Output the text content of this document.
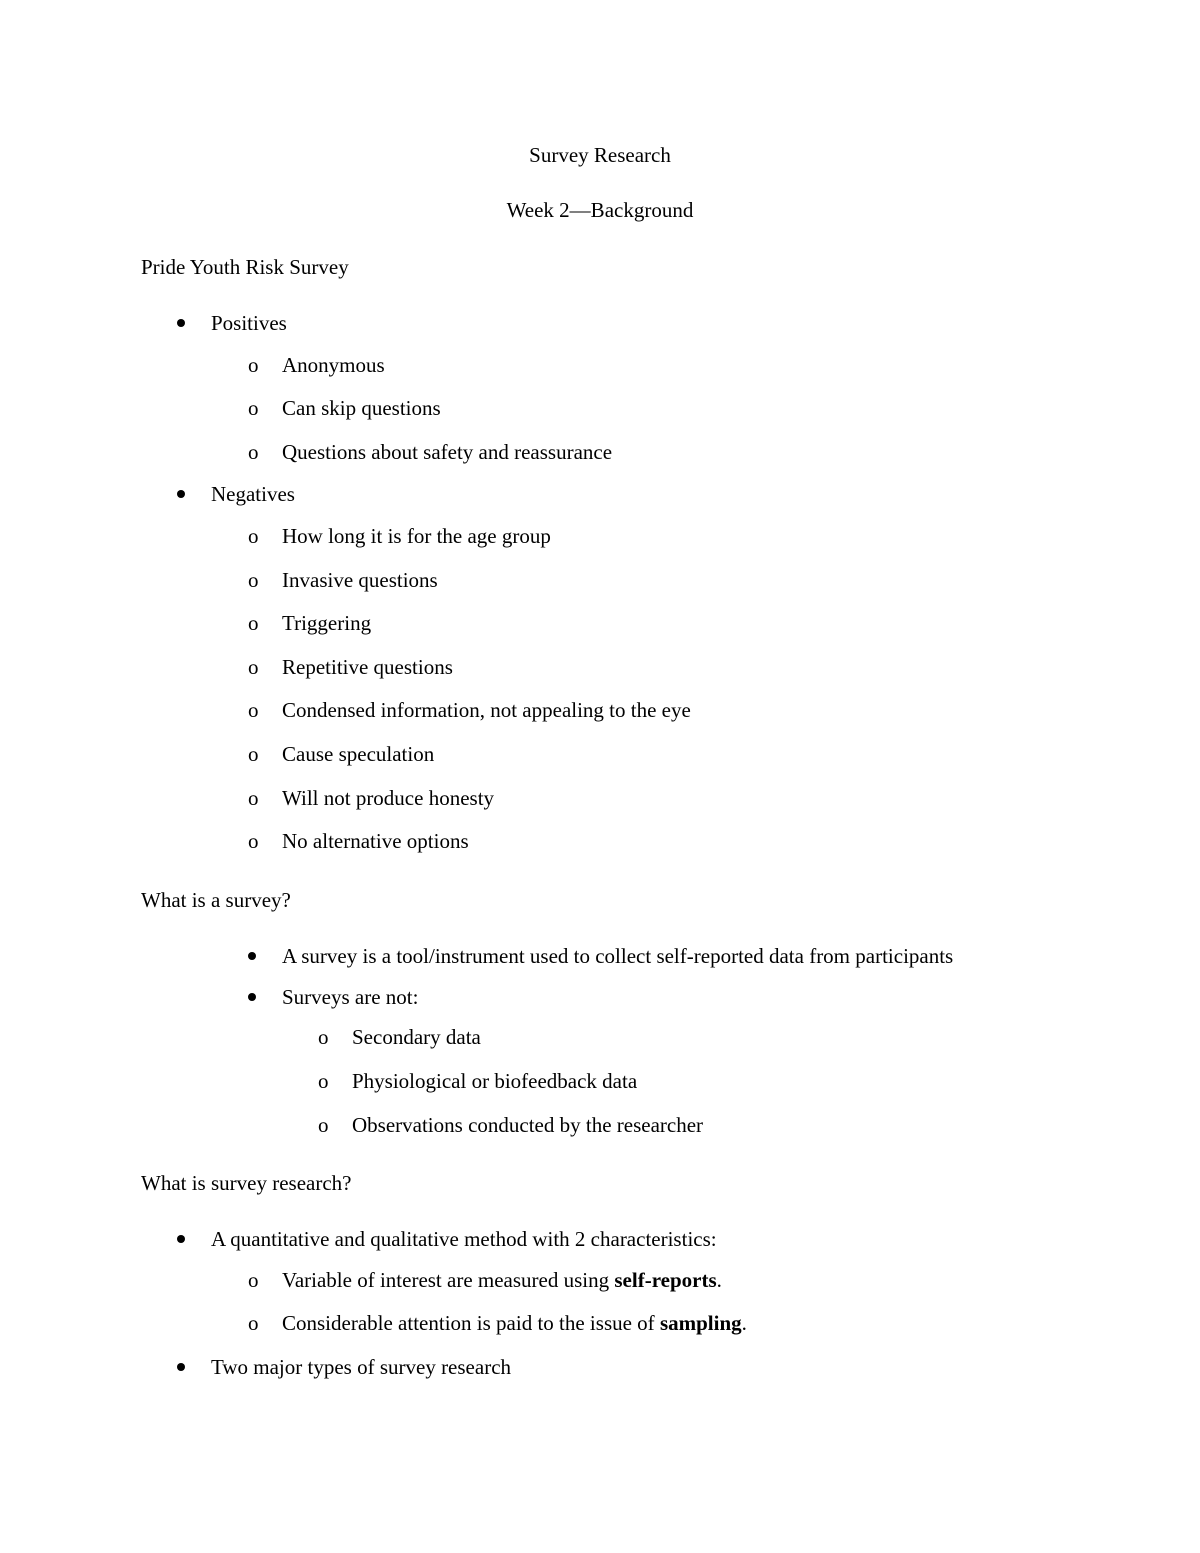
Survey Research
Week 2—Background

Pride Youth Risk Survey

Positives
o Anonymous
o Can skip questions
o Questions about safety and reassurance
Negatives
o How long it is for the age group
o Invasive questions
o Triggering
o Repetitive questions
o Condensed information, not appealing to the eye
o Cause speculation
o Will not produce honesty
o No alternative options

What is a survey?

A survey is a tool/instrument used to collect self-reported data from participants
Surveys are not:
o Secondary data
o Physiological or biofeedback data
o Observations conducted by the researcher

What is survey research?

A quantitative and qualitative method with 2 characteristics:
o Variable of interest are measured using self-reports.
o Considerable attention is paid to the issue of sampling.
Two major types of survey research
